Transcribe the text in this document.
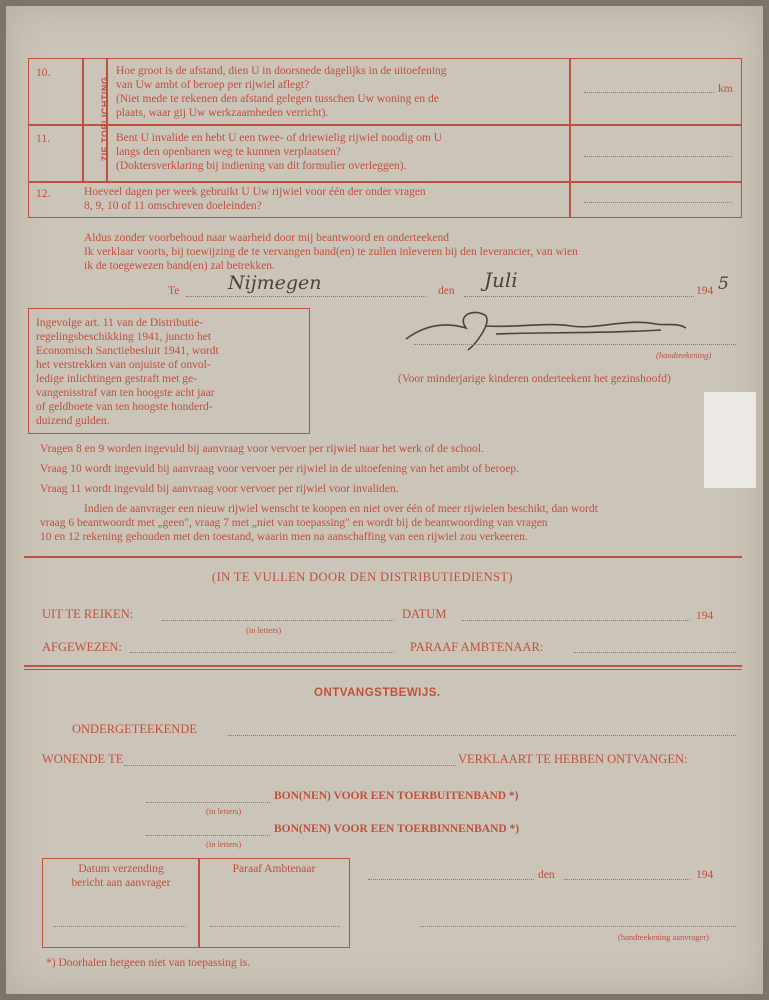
ZIE TOELICHTING
10.	Hoe groot is de afstand, dien U in doorsnede dagelijks in de uitoefening
van Uw ambt of beroep per rijwiel aflegt?
(Niet mede te rekenen den afstand gelegen tusschen Uw woning en de
plaats, waar gij Uw werkzaamheden verricht).
km
11.	Bent U invalide en hebt U een twee- of driewielig rijwiel noodig om U
langs den openbaren weg te kunnen verplaatsen?
(Doktersverklaring bij indiening van dit formulier overleggen).
12.	Hoeveel dagen per week gebruikt U Uw rijwiel voor één der onder vragen
8, 9, 10 of 11 omschreven doeleinden?
Aldus zonder voorbehoud naar waarheid door mij beantwoord en onderteekend
Ik verklaar voorts, bij toewijzing de te vervangen band(en) te zullen inleveren bij den leverancier, van wien
ik de toegewezen band(en) zal betrekken.
Te	Nijmegen	den Juli	194 5
(handteekening)
(Voor minderjarige kinderen onderteekent het gezinshoofd)
Ingevolge art. 11 van de Distributie-
regelingsbeschikking 1941, juncto het
Economisch Sanctiebesluit 1941, wordt
het verstrekken van onjuiste of onvol-
ledige inlichtingen gestraft met ge-
vangenisstraf van ten hoogste acht jaar
of geldboete van ten hoogste honderd-
duizend gulden.
Vragen 8 en 9 worden ingevuld bij aanvraag voor vervoer per rijwiel naar het werk of de school.
Vraag 10 wordt ingevuld bij aanvraag voor vervoer per rijwiel in de uitoefening van het ambt of beroep.
Vraag 11 wordt ingevuld bij aanvraag voor vervoer per rijwiel voor invaliden.
Indien de aanvrager een nieuw rijwiel wenscht te koopen en niet over één of meer rijwielen beschikt, dan wordt
vraag 6 beantwoordt met „geen", vraag 7 met „niet van toepassing" en wordt bij de beantwoording van vragen
10 en 12 rekening gehouden met den toestand, waarin men na aanschaffing van een rijwiel zou verkeeren.
(IN TE VULLEN DOOR DEN DISTRIBUTIEDIENST)
UIT TE REIKEN:
(in letters)
DATUM	194
AFGEWEZEN:	PARAAF AMBTENAAR:
ONTVANGSTBEWIJS.
ONDERGETEEKENDE
WONENDE TE	VERKLAART TE HEBBEN ONTVANGEN:
BON(NEN) VOOR EEN TOERBUITENBAND *)
(in letters)
BON(NEN) VOOR EEN TOERBINNENBAND *)
(in letters)
Datum verzending
bericht aan aanvrager
Paraaf Ambtenaar	den	194
(handteekening aanvrager)
*) Doorhalen hetgeen niet van toepassing is.
